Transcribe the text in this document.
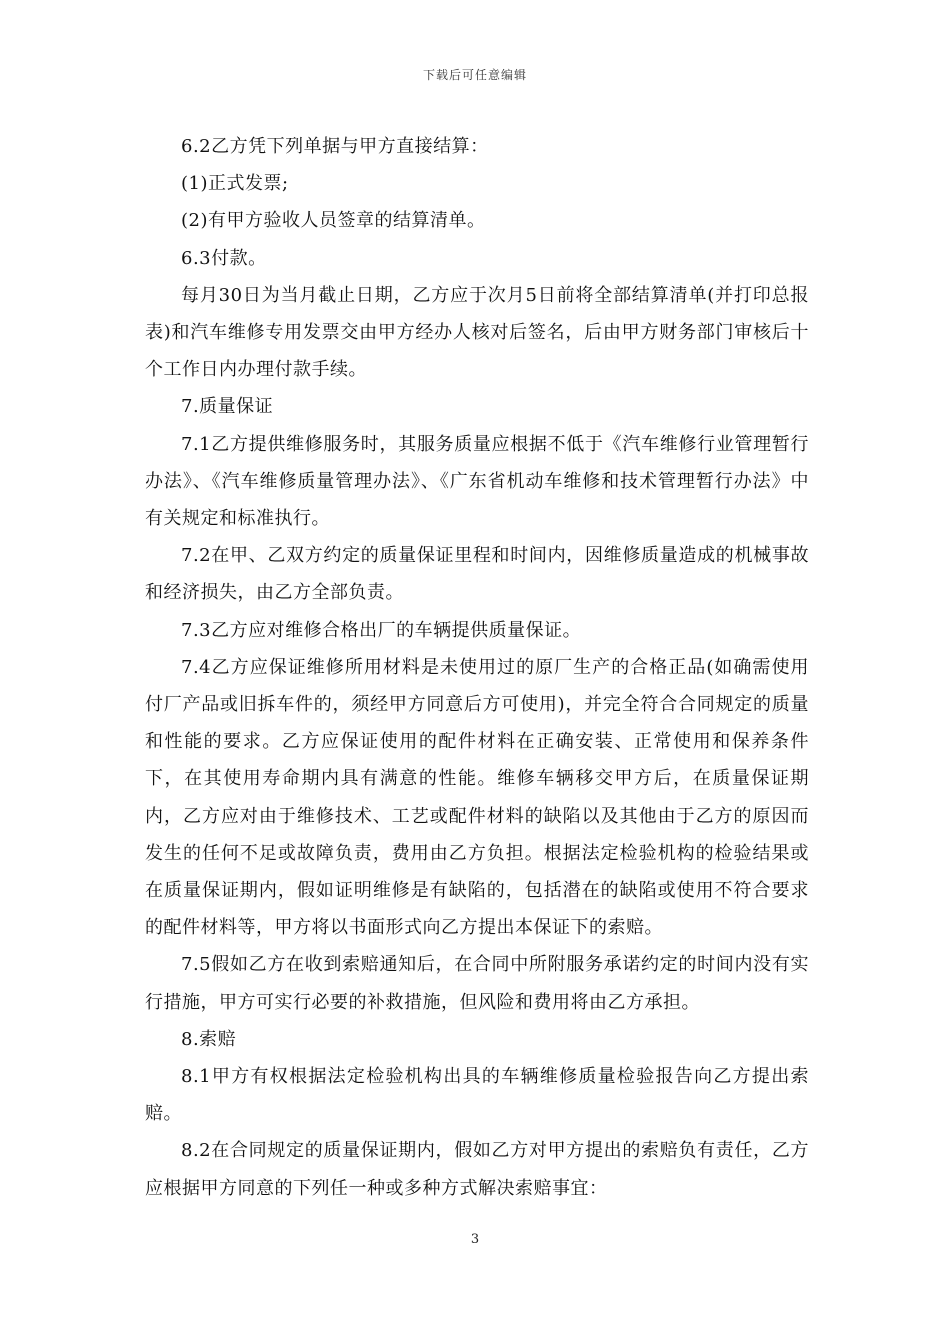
下载后可任意编辑

6.2乙方凭下列单据与甲方直接结算：

(1)正式发票;

(2)有甲方验收人员签章的结算清单。

6.3付款。

每月30日为当月截止日期，乙方应于次月5日前将全部结算清单(并打印总报表)和汽车维修专用发票交由甲方经办人核对后签名，后由甲方财务部门审核后十个工作日内办理付款手续。

7.质量保证

7.1乙方提供维修服务时，其服务质量应根据不低于《汽车维修行业管理暂行办法》、《汽车维修质量管理办法》、《广东省机动车维修和技术管理暂行办法》中有关规定和标准执行。

7.2在甲、乙双方约定的质量保证里程和时间内，因维修质量造成的机械事故和经济损失，由乙方全部负责。

7.3乙方应对维修合格出厂的车辆提供质量保证。

7.4乙方应保证维修所用材料是未使用过的原厂生产的合格正品(如确需使用付厂产品或旧拆车件的，须经甲方同意后方可使用)，并完全符合合同规定的质量和性能的要求。乙方应保证使用的配件材料在正确安装、正常使用和保养条件下，在其使用寿命期内具有满意的性能。维修车辆移交甲方后，在质量保证期内，乙方应对由于维修技术、工艺或配件材料的缺陷以及其他由于乙方的原因而发生的任何不足或故障负责，费用由乙方负担。根据法定检验机构的检验结果或在质量保证期内，假如证明维修是有缺陷的，包括潜在的缺陷或使用不符合要求的配件材料等，甲方将以书面形式向乙方提出本保证下的索赔。

7.5假如乙方在收到索赔通知后，在合同中所附服务承诺约定的时间内没有实行措施，甲方可实行必要的补救措施，但风险和费用将由乙方承担。

8.索赔

8.1甲方有权根据法定检验机构出具的车辆维修质量检验报告向乙方提出索赔。

8.2在合同规定的质量保证期内，假如乙方对甲方提出的索赔负有责任，乙方应根据甲方同意的下列任一种或多种方式解决索赔事宜：

3
